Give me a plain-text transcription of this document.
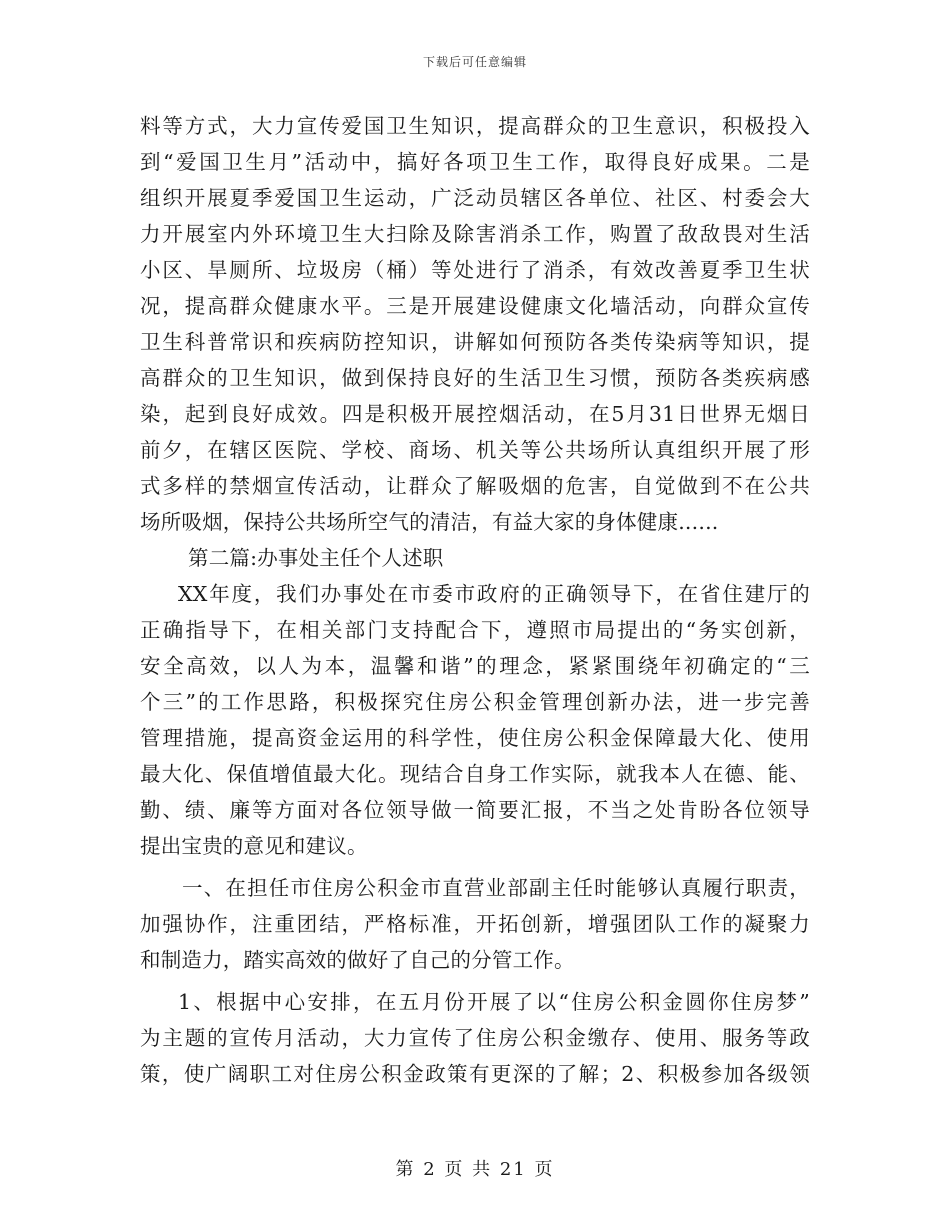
下载后可任意编辑
料等方式，大力宣传爱国卫生知识，提高群众的卫生意识，积极投入
到“爱国卫生月”活动中，搞好各项卫生工作，取得良好成果。二是
组织开展夏季爱国卫生运动，广泛动员辖区各单位、社区、村委会大
力开展室内外环境卫生大扫除及除害消杀工作，购置了敌敌畏对生活
小区、旱厕所、垃圾房（桶）等处进行了消杀，有效改善夏季卫生状
况，提高群众健康水平。三是开展建设健康文化墙活动，向群众宣传
卫生科普常识和疾病防控知识，讲解如何预防各类传染病等知识，提
高群众的卫生知识，做到保持良好的生活卫生习惯，预防各类疾病感
染，起到良好成效。四是积极开展控烟活动，在5月31日世界无烟日
前夕，在辖区医院、学校、商场、机关等公共场所认真组织开展了形
式多样的禁烟宣传活动，让群众了解吸烟的危害，自觉做到不在公共
场所吸烟，保持公共场所空气的清洁，有益大家的身体健康......
第二篇:办事处主任个人述职
XX年度，我们办事处在市委市政府的正确领导下，在省住建厅的
正确指导下，在相关部门支持配合下，遵照市局提出的“务实创新，
安全高效，以人为本，温馨和谐”的理念，紧紧围绕年初确定的“三
个三”的工作思路，积极探究住房公积金管理创新办法，进一步完善
管理措施，提高资金运用的科学性，使住房公积金保障最大化、使用
最大化、保值增值最大化。现结合自身工作实际，就我本人在德、能、
勤、绩、廉等方面对各位领导做一简要汇报，不当之处肯盼各位领导
提出宝贵的意见和建议。
一、在担任市住房公积金市直营业部副主任时能够认真履行职责，
加强协作，注重团结，严格标准，开拓创新，增强团队工作的凝聚力
和制造力，踏实高效的做好了自己的分管工作。
1、根据中心安排，在五月份开展了以“住房公积金圆你住房梦”
为主题的宣传月活动，大力宣传了住房公积金缴存、使用、服务等政
策，使广阔职工对住房公积金政策有更深的了解；2、积极参加各级领
第 2 页 共 21 页
